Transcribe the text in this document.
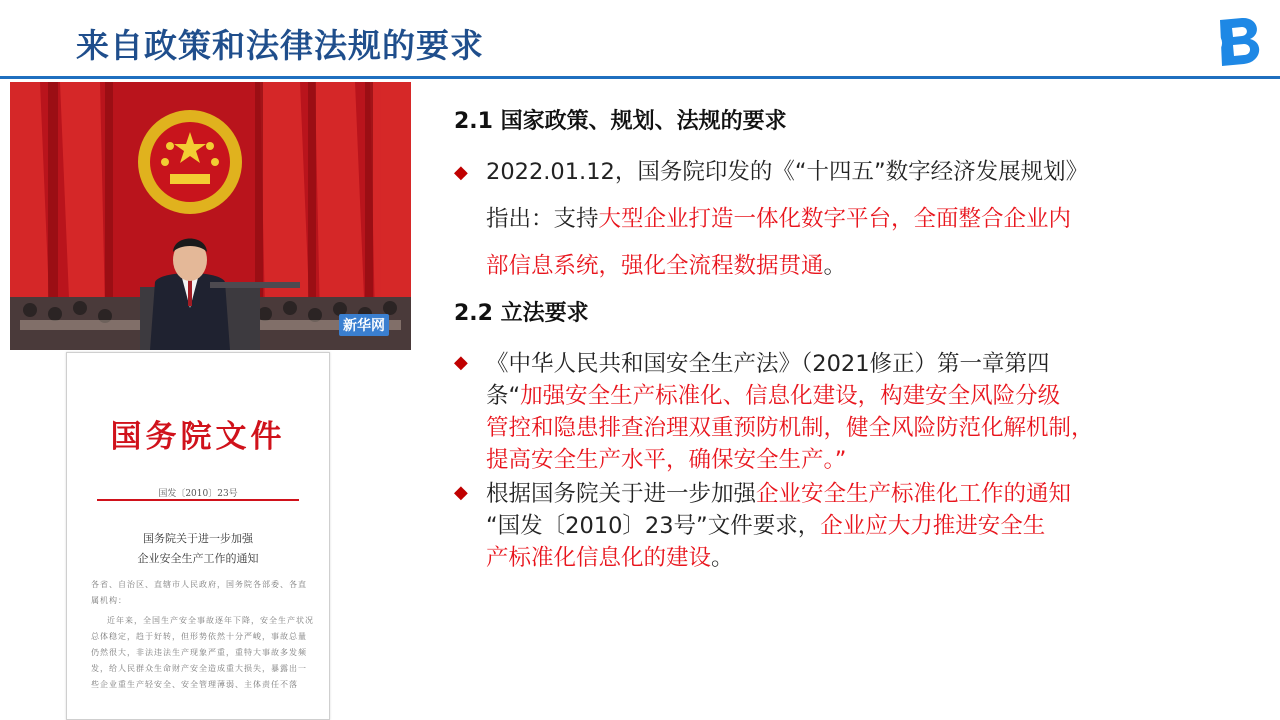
来自政策和法律法规的要求
新华网
国务院文件
国发〔2010〕23号
国务院关于进一步加强
企业安全生产工作的通知
各省、自治区、直辖市人民政府，国务院各部委、各直属机构：
近年来，全国生产安全事故逐年下降，安全生产状况总体稳定，趋于好转，但形势依然十分严峻，事故总量仍然很大，非法违法生产现象严重，重特大事故多发频发，给人民群众生命财产安全造成重大损失，暴露出一些企业重生产轻安全、安全管理薄弱、主体责任不落
2.1 国家政策、规划、法规的要求
◆ 2022.01.12，国务院印发的《“十四五”数字经济发展规划》
指出：支持大型企业打造一体化数字平台，全面整合企业内
部信息系统，强化全流程数据贯通。
2.2 立法要求
◆ 《中华人民共和国安全生产法》（2021修正）第一章第四
条“加强安全生产标准化、信息化建设，构建安全风险分级
管控和隐患排查治理双重预防机制，健全风险防范化解机制，
提高安全生产水平，确保安全生产。”
◆ 根据国务院关于进一步加强企业安全生产标准化工作的通知
“国发〔2010〕23号”文件要求，企业应大力推进安全生
产标准化信息化的建设。
